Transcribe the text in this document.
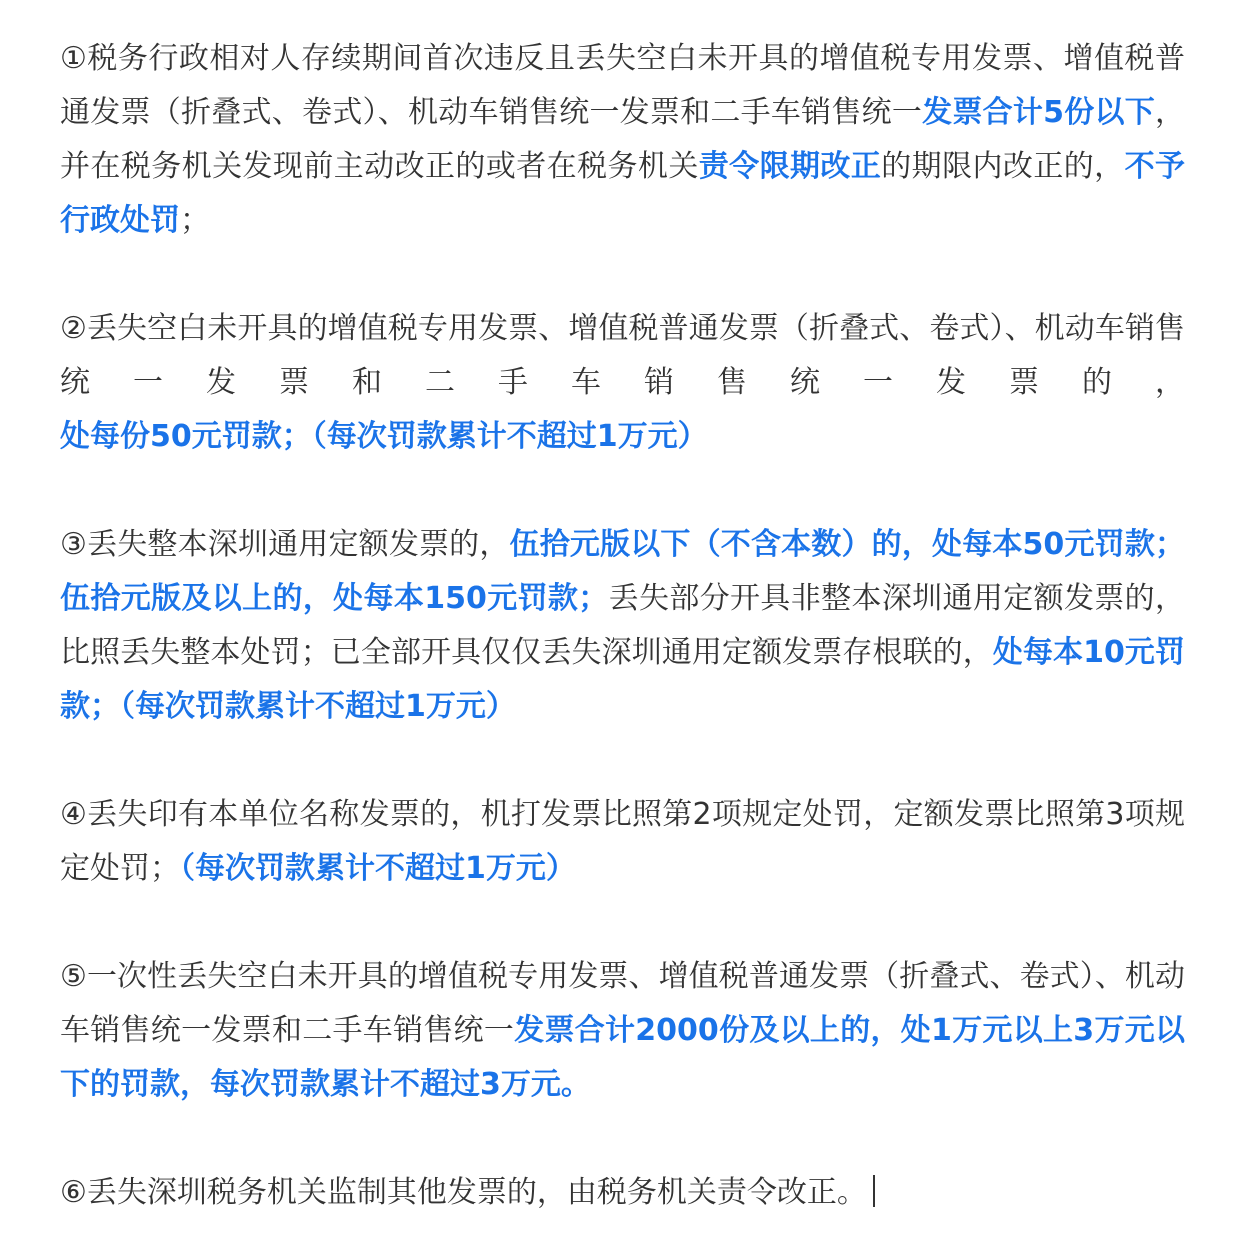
①税务行政相对人存续期间首次违反且丢失空白未开具的增值税专用发票、增值税普通发票（折叠式、卷式）、机动车销售统一发票和二手车销售统一发票合计5份以下，并在税务机关发现前主动改正的或者在税务机关责令限期改正的期限内改正的，不予行政处罚；

②丢失空白未开具的增值税专用发票、增值税普通发票（折叠式、卷式）、机动车销售统一发票和二手车销售统一发票的，处每份50元罚款；（每次罚款累计不超过1万元）

③丢失整本深圳通用定额发票的，伍拾元版以下（不含本数）的，处每本50元罚款；伍拾元版及以上的，处每本150元罚款；丢失部分开具非整本深圳通用定额发票的，比照丢失整本处罚；已全部开具仅仅丢失深圳通用定额发票存根联的，处每本10元罚款；（每次罚款累计不超过1万元）

④丢失印有本单位名称发票的，机打发票比照第2项规定处罚，定额发票比照第3项规定处罚；（每次罚款累计不超过1万元）

⑤一次性丢失空白未开具的增值税专用发票、增值税普通发票（折叠式、卷式）、机动车销售统一发票和二手车销售统一发票合计2000份及以上的，处1万元以上3万元以下的罚款，每次罚款累计不超过3万元。

⑥丢失深圳税务机关监制其他发票的，由税务机关责令改正。
